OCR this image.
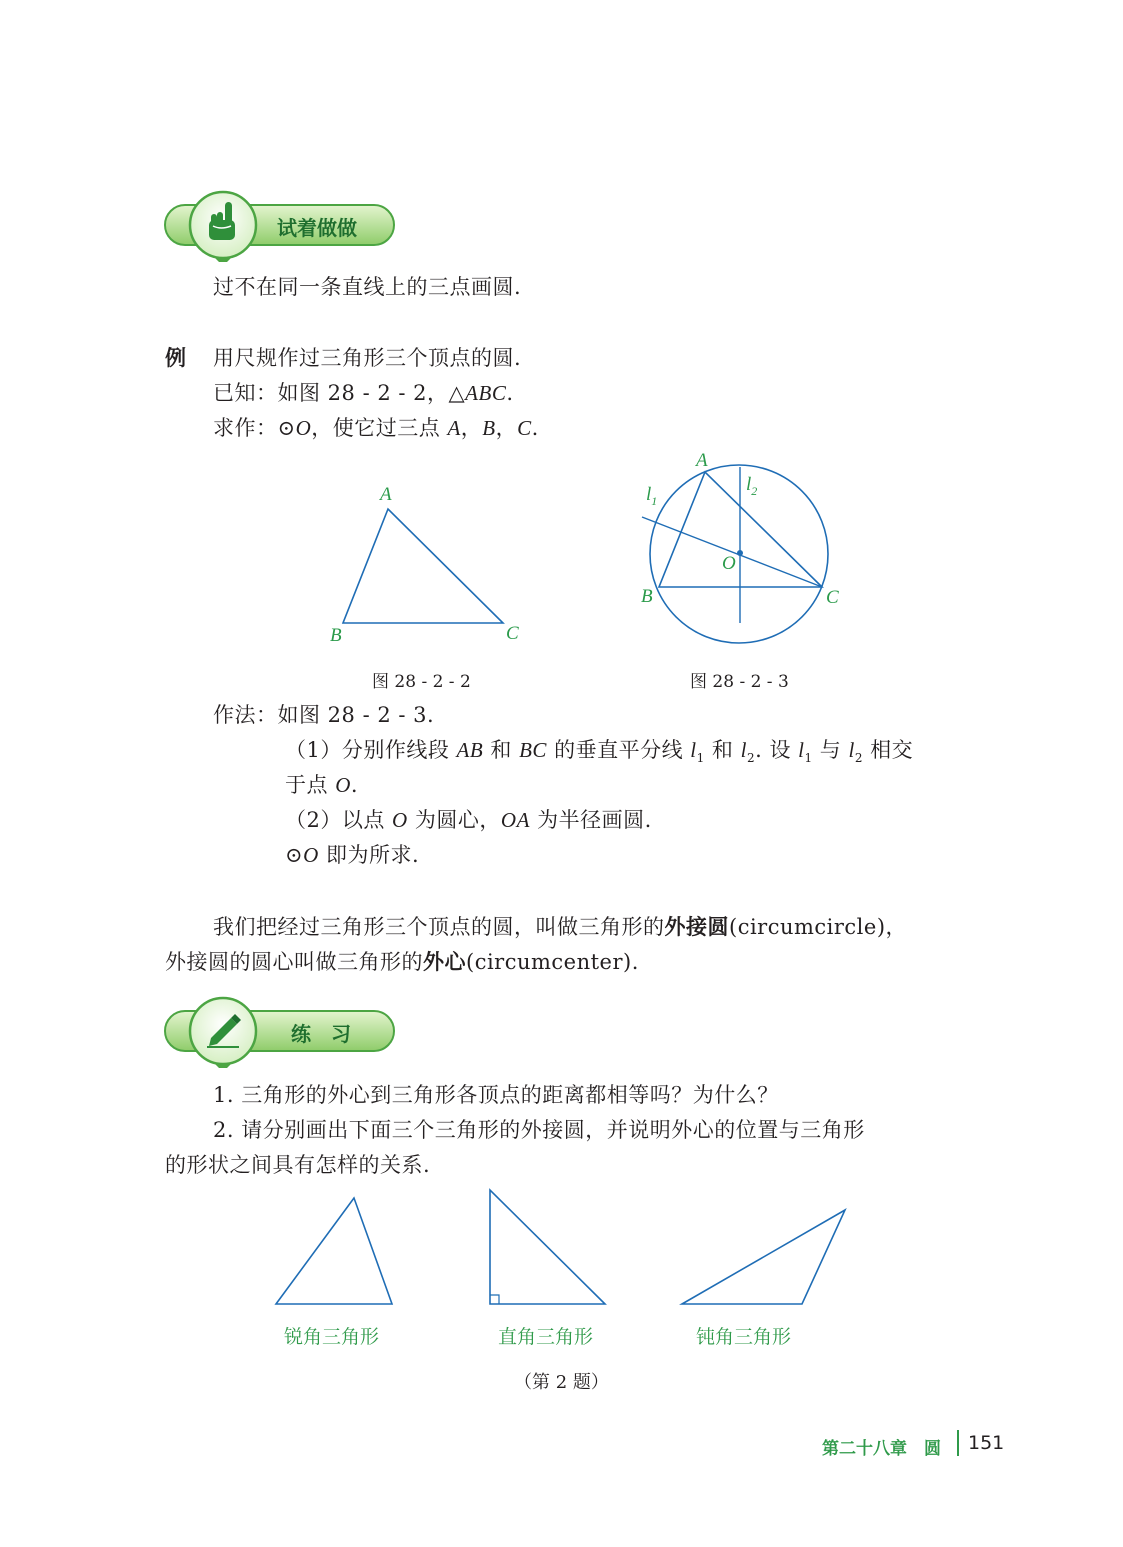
试着做做
过不在同一条直线上的三点画圆.
例 用尺规作过三角形三个顶点的圆.
已知：如图 28 - 2 - 2，△ABC.
求作：⊙O，使它过三点 A，B，C.
A
B	C
图 28 - 2 - 2
A
B	C
O
$l_1$
$l_2$
图 28 - 2 - 3
作法：如图 28 - 2 - 3.
（1）分别作线段 AB 和 BC 的垂直平分线 $l_1$ 和 $l_2$. 设 $l_1$ 与 $l_2$ 相交
于点 O.
（2）以点 O 为圆心，OA 为半径画圆.
⊙O 即为所求.
我们把经过三角形三个顶点的圆，叫做三角形的外接圆(circumcircle)，
外接圆的圆心叫做三角形的外心(circumcenter).
练　习
1. 三角形的外心到三角形各顶点的距离都相等吗？为什么？
2. 请分别画出下面三个三角形的外接圆，并说明外心的位置与三角形
的形状之间具有怎样的关系.
锐角三角形	直角三角形	钝角三角形
（第 2 题）
第二十八章　圆 151
